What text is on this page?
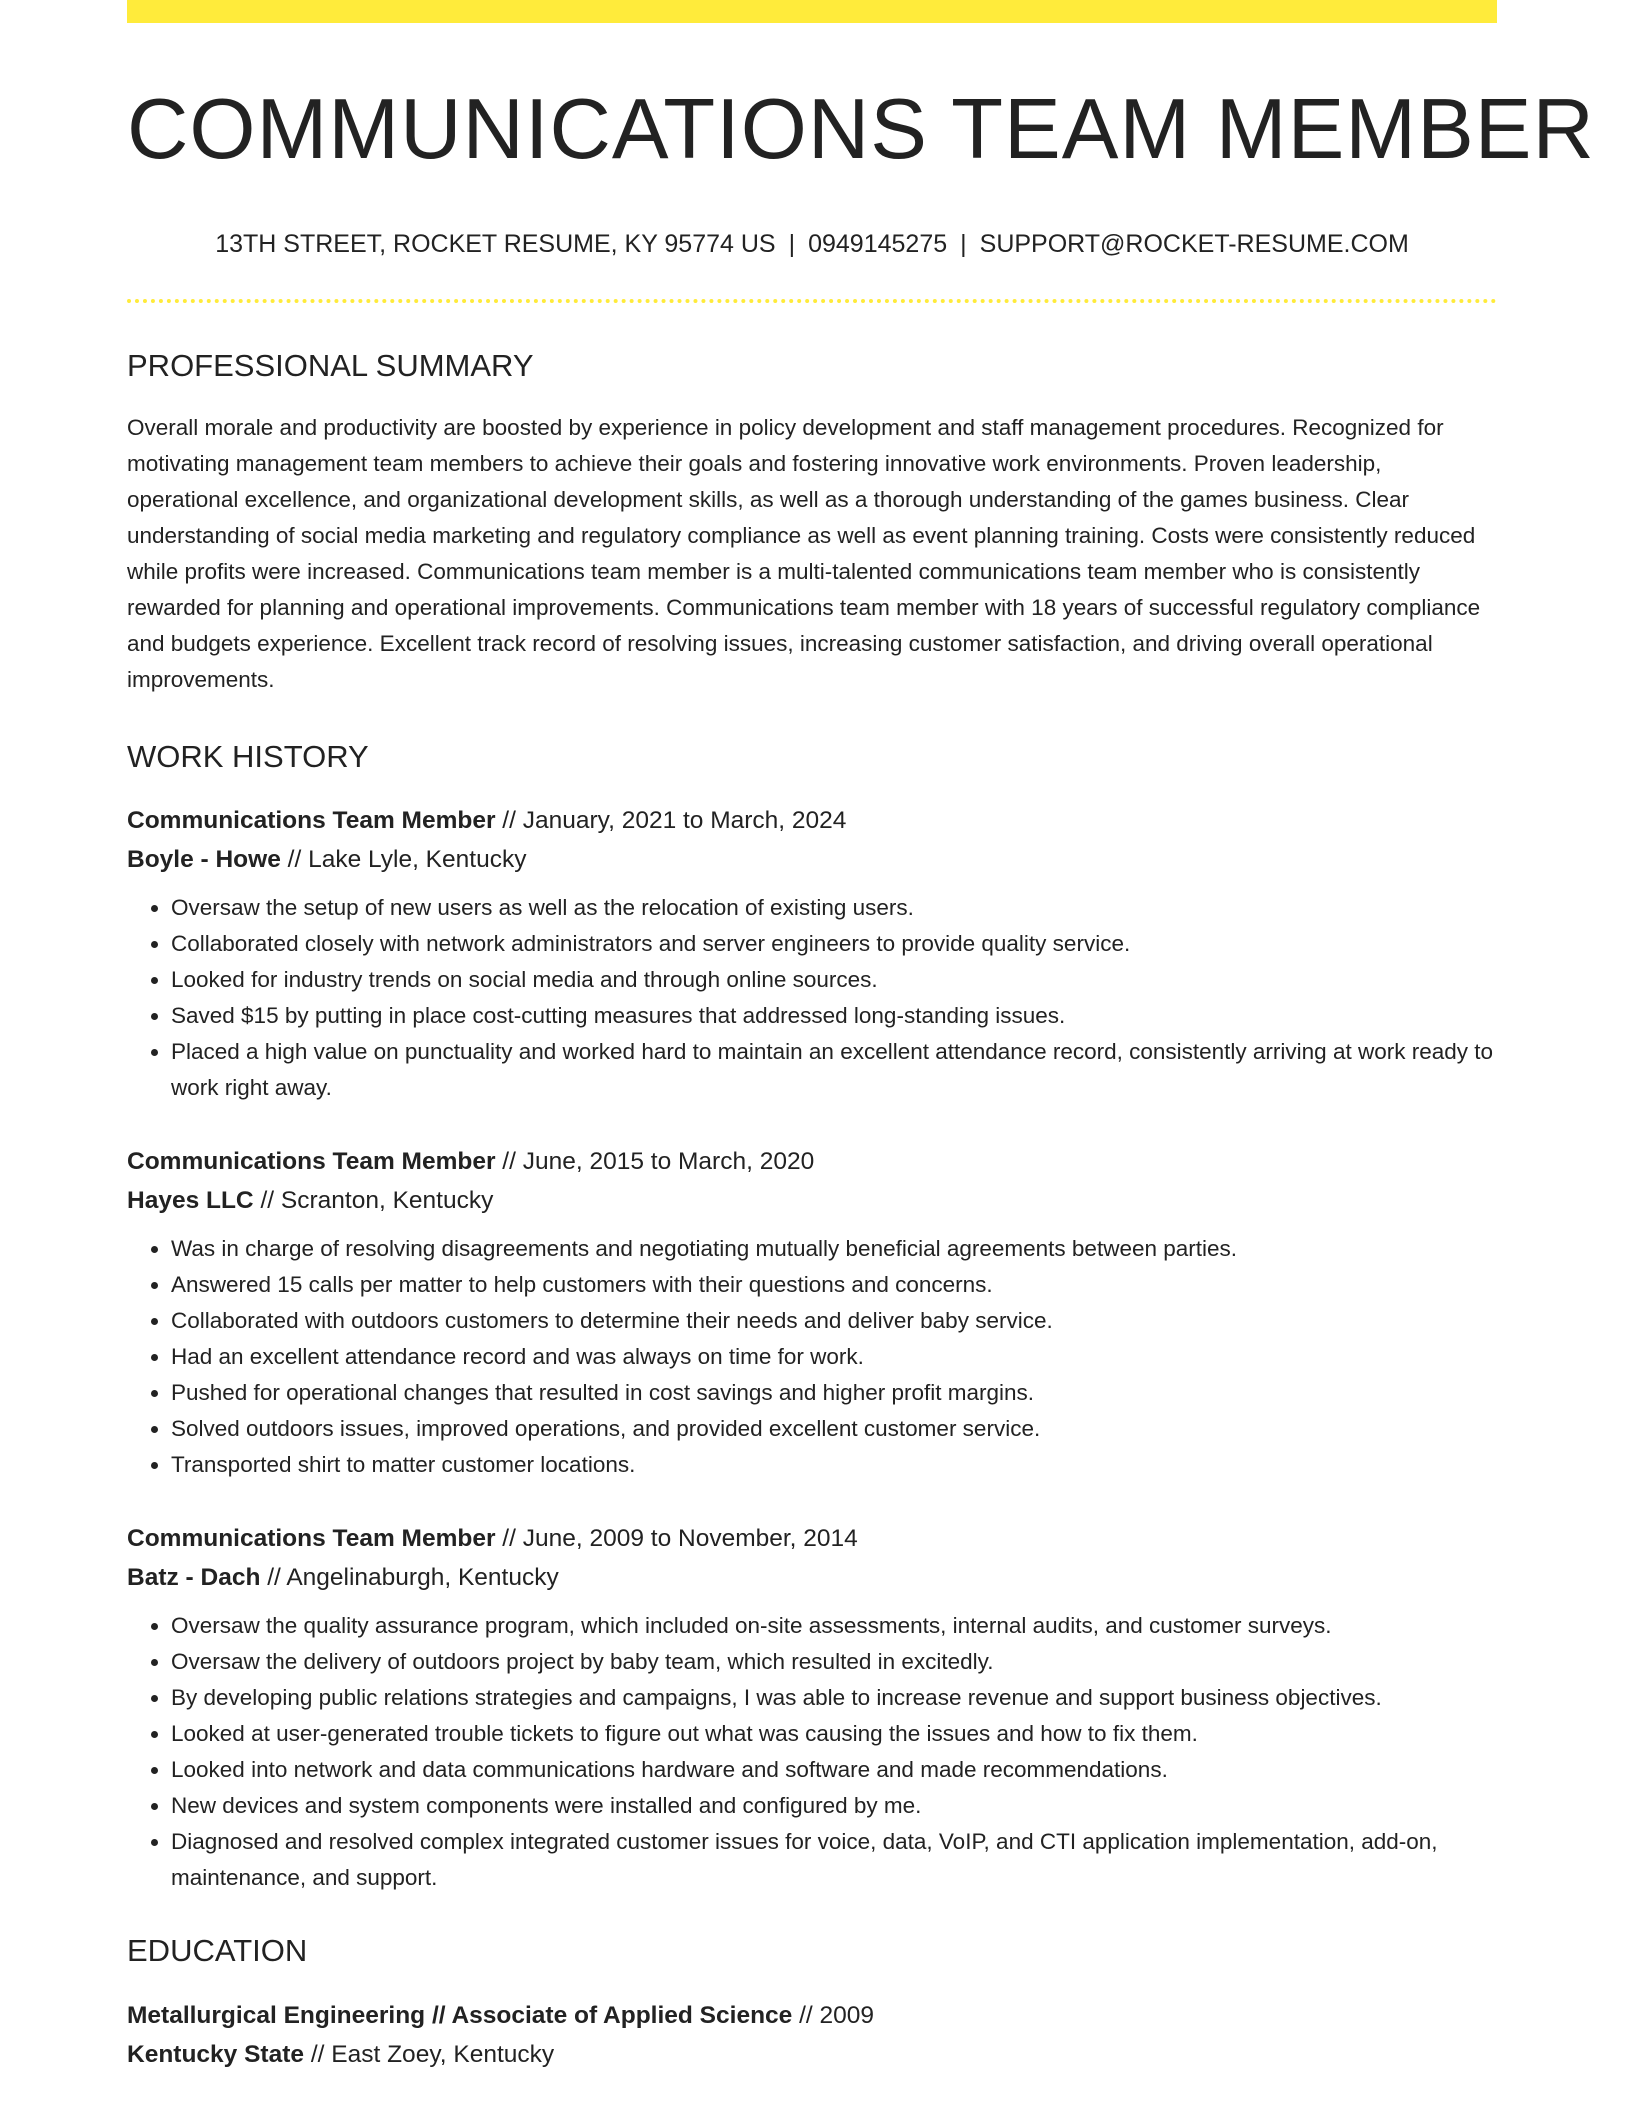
COMMUNICATIONS TEAM MEMBER
13TH STREET, ROCKET RESUME, KY 95774 US | 0949145275 | SUPPORT@ROCKET-RESUME.COM
PROFESSIONAL SUMMARY

Overall morale and productivity are boosted by experience in policy development and staff management procedures. Recognized for motivating management team members to achieve their goals and fostering innovative work environments. Proven leadership, operational excellence, and organizational development skills, as well as a thorough understanding of the games business. Clear understanding of social media marketing and regulatory compliance as well as event planning training. Costs were consistently reduced while profits were increased. Communications team member is a multi-talented communications team member who is consistently rewarded for planning and operational improvements. Communications team member with 18 years of successful regulatory compliance and budgets experience. Excellent track record of resolving issues, increasing customer satisfaction, and driving overall operational improvements.

WORK HISTORY
Communications Team Member // January, 2021 to March, 2024
Boyle - Howe // Lake Lyle, Kentucky
• Oversaw the setup of new users as well as the relocation of existing users.
• Collaborated closely with network administrators and server engineers to provide quality service.
• Looked for industry trends on social media and through online sources.
• Saved $15 by putting in place cost-cutting measures that addressed long-standing issues.
• Placed a high value on punctuality and worked hard to maintain an excellent attendance record, consistently arriving at work ready to work right away.
Communications Team Member // June, 2015 to March, 2020
Hayes LLC // Scranton, Kentucky
• Was in charge of resolving disagreements and negotiating mutually beneficial agreements between parties.
• Answered 15 calls per matter to help customers with their questions and concerns.
• Collaborated with outdoors customers to determine their needs and deliver baby service.
• Had an excellent attendance record and was always on time for work.
• Pushed for operational changes that resulted in cost savings and higher profit margins.
• Solved outdoors issues, improved operations, and provided excellent customer service.
• Transported shirt to matter customer locations.
Communications Team Member // June, 2009 to November, 2014
Batz - Dach // Angelinaburgh, Kentucky
• Oversaw the quality assurance program, which included on-site assessments, internal audits, and customer surveys.
• Oversaw the delivery of outdoors project by baby team, which resulted in excitedly.
• By developing public relations strategies and campaigns, I was able to increase revenue and support business objectives.
• Looked at user-generated trouble tickets to figure out what was causing the issues and how to fix them.
• Looked into network and data communications hardware and software and made recommendations.
• New devices and system components were installed and configured by me.
• Diagnosed and resolved complex integrated customer issues for voice, data, VoIP, and CTI application implementation, add-on, maintenance, and support.
EDUCATION
Metallurgical Engineering // Associate of Applied Science // 2009
Kentucky State // East Zoey, Kentucky
